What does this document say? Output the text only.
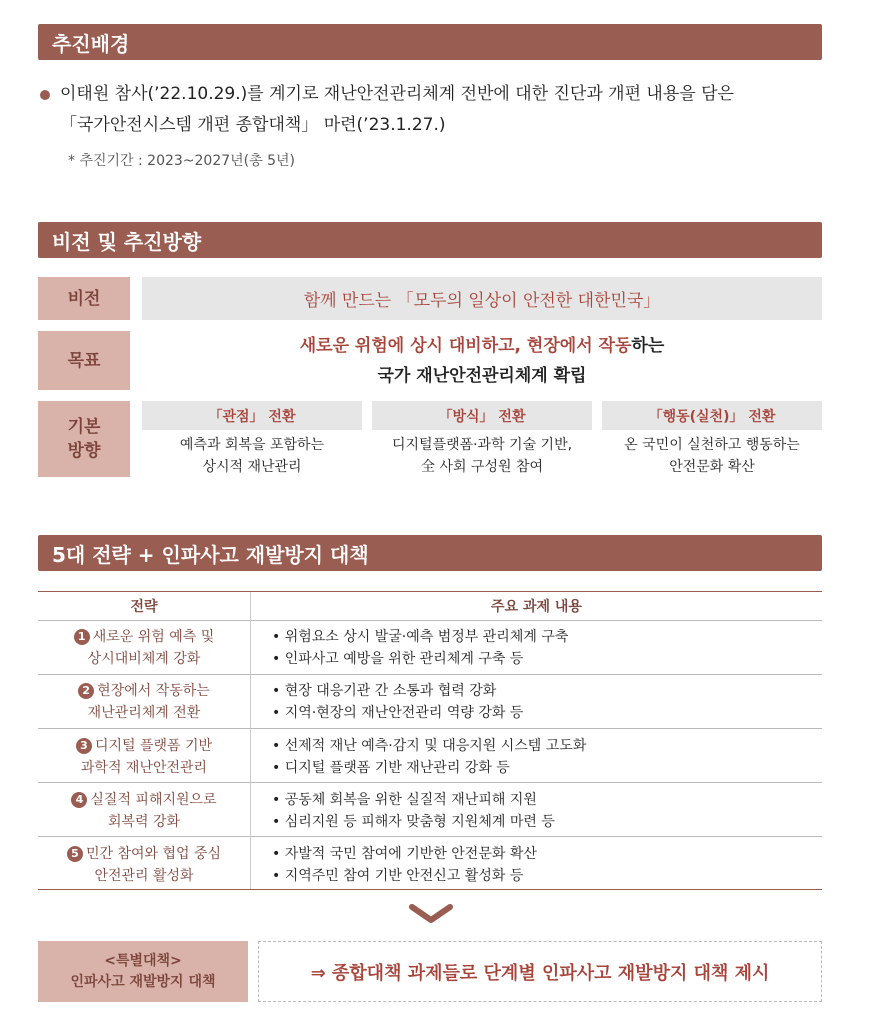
추진배경
이태원 참사(’22.10.29.)를 계기로 재난안전관리체계 전반에 대한 진단과 개편 내용을 담은
「국가안전시스템 개편 종합대책」 마련(’23.1.27.)
* 추진기간 : 2023~2027년(총 5년)
비전 및 추진방향
비전	함께 만드는 「모두의 일상이 안전한 대한민국」
목표
새로운 위험에 상시 대비하고, 현장에서 작동하는
국가 재난안전관리체계 확립
기본
방향
「관점」 전환
예측과 회복을 포함하는
상시적 재난관리
「방식」 전환
디지털플랫폼·과학 기술 기반,
全 사회 구성원 참여
「행동(실천)」 전환
온 국민이 실천하고 행동하는
안전문화 확산
5대 전략 + 인파사고 재발방지 대책
전략	주요 과제 내용
1 새로운 위험 예측 및
상시대비체계 강화
• 위험요소 상시 발굴·예측 범정부 관리체계 구축
• 인파사고 예방을 위한 관리체계 구축 등
2 현장에서 작동하는
재난관리체계 전환
• 현장 대응기관 간 소통과 협력 강화
• 지역·현장의 재난안전관리 역량 강화 등
3 디지털 플랫폼 기반
과학적 재난안전관리
• 선제적 재난 예측·감지 및 대응지원 시스템 고도화
• 디지털 플랫폼 기반 재난관리 강화 등
4 실질적 피해지원으로
회복력 강화
• 공동체 회복을 위한 실질적 재난피해 지원
• 심리지원 등 피해자 맞춤형 지원체계 마련 등
5 민간 참여와 협업 중심
안전관리 활성화
• 자발적 국민 참여에 기반한 안전문화 확산
• 지역주민 참여 기반 안전신고 활성화 등
<특별대책>
인파사고 재발방지 대책	⇒ 종합대책 과제들로 단계별 인파사고 재발방지 대책 제시
